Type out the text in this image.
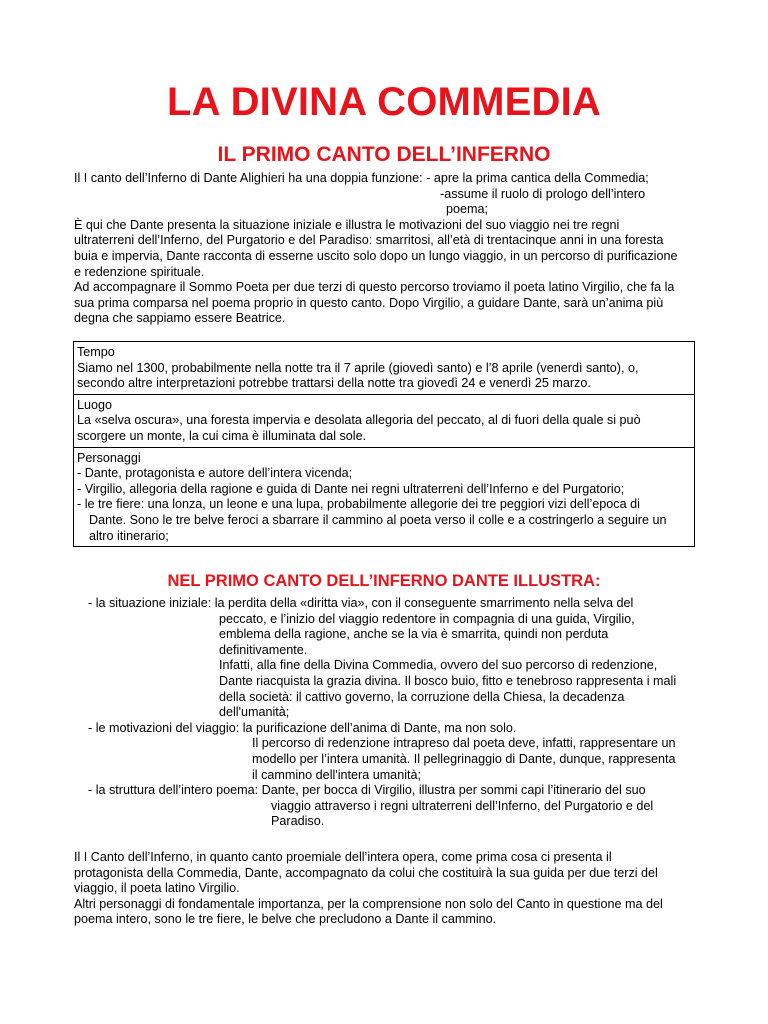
LA DIVINA COMMEDIA
IL PRIMO CANTO DELL’INFERNO

Il I canto dell’Inferno di Dante Alighieri ha una doppia funzione: - apre la prima cantica della Commedia;

-assume il ruolo di prologo dell’intero

poema;

È qui che Dante presenta la situazione iniziale e illustra le motivazioni del suo viaggio nei tre regni

ultraterreni dell’Inferno, del Purgatorio e del Paradiso: smarritosi, all’età di trentacinque anni in una foresta

buia e impervia, Dante racconta di esserne uscito solo dopo un lungo viaggio, in un percorso di purificazione

e redenzione spirituale.

Ad accompagnare il Sommo Poeta per due terzi di questo percorso troviamo il poeta latino Virgilio, che fa la

sua prima comparsa nel poema proprio in questo canto. Dopo Virgilio, a guidare Dante, sarà un’anima più

degna che sappiamo essere Beatrice.

Tempo
Siamo nel 1300, probabilmente nella notte tra il 7 aprile (giovedì santo) e l’8 aprile (venerdì santo), o,
secondo altre interpretazioni potrebbe trattarsi della notte tra giovedì 24 e venerdì 25 marzo.

Luogo
La «selva oscura», una foresta impervia e desolata allegoria del peccato, al di fuori della quale si può
scorgere un monte, la cui cima è illuminata dal sole.

Personaggi
- Dante, protagonista e autore dell’intera vicenda;
- Virgilio, allegoria della ragione e guida di Dante nei regni ultraterreni dell’Inferno e del Purgatorio;
- le tre fiere: una lonza, un leone e una lupa, probabilmente allegorie dei tre peggiori vizi dell’epoca di
Dante. Sono le tre belve feroci a sbarrare il cammino al poeta verso il colle e a costringerlo a seguire un
altro itinerario;
NEL PRIMO CANTO DELL’INFERNO DANTE ILLUSTRA:
- la situazione iniziale: la perdita della «diritta via», con il conseguente smarrimento nella selva del
peccato, e l’inizio del viaggio redentore in compagnia di una guida, Virgilio,
emblema della ragione, anche se la via è smarrita, quindi non perduta
definitivamente.
Infatti, alla fine della Divina Commedia, ovvero del suo percorso di redenzione,
Dante riacquista la grazia divina. Il bosco buio, fitto e tenebroso rappresenta i mali
della società: il cattivo governo, la corruzione della Chiesa, la decadenza
dell'umanità;
- le motivazioni del viaggio: la purificazione dell’anima di Dante, ma non solo.
Il percorso di redenzione intrapreso dal poeta deve, infatti, rappresentare un
modello per l’intera umanità. Il pellegrinaggio di Dante, dunque, rappresenta
il cammino dell'intera umanità;
- la struttura dell’intero poema: Dante, per bocca di Virgilio, illustra per sommi capi l’itinerario del suo
viaggio attraverso i regni ultraterreni dell’Inferno, del Purgatorio e del
Paradiso.
Il I Canto dell’Inferno, in quanto canto proemiale dell’intera opera, come prima cosa ci presenta il
protagonista della Commedia, Dante, accompagnato da colui che costituirà la sua guida per due terzi del
viaggio, il poeta latino Virgilio.
Altri personaggi di fondamentale importanza, per la comprensione non solo del Canto in questione ma del
poema intero, sono le tre fiere, le belve che precludono a Dante il cammino.
